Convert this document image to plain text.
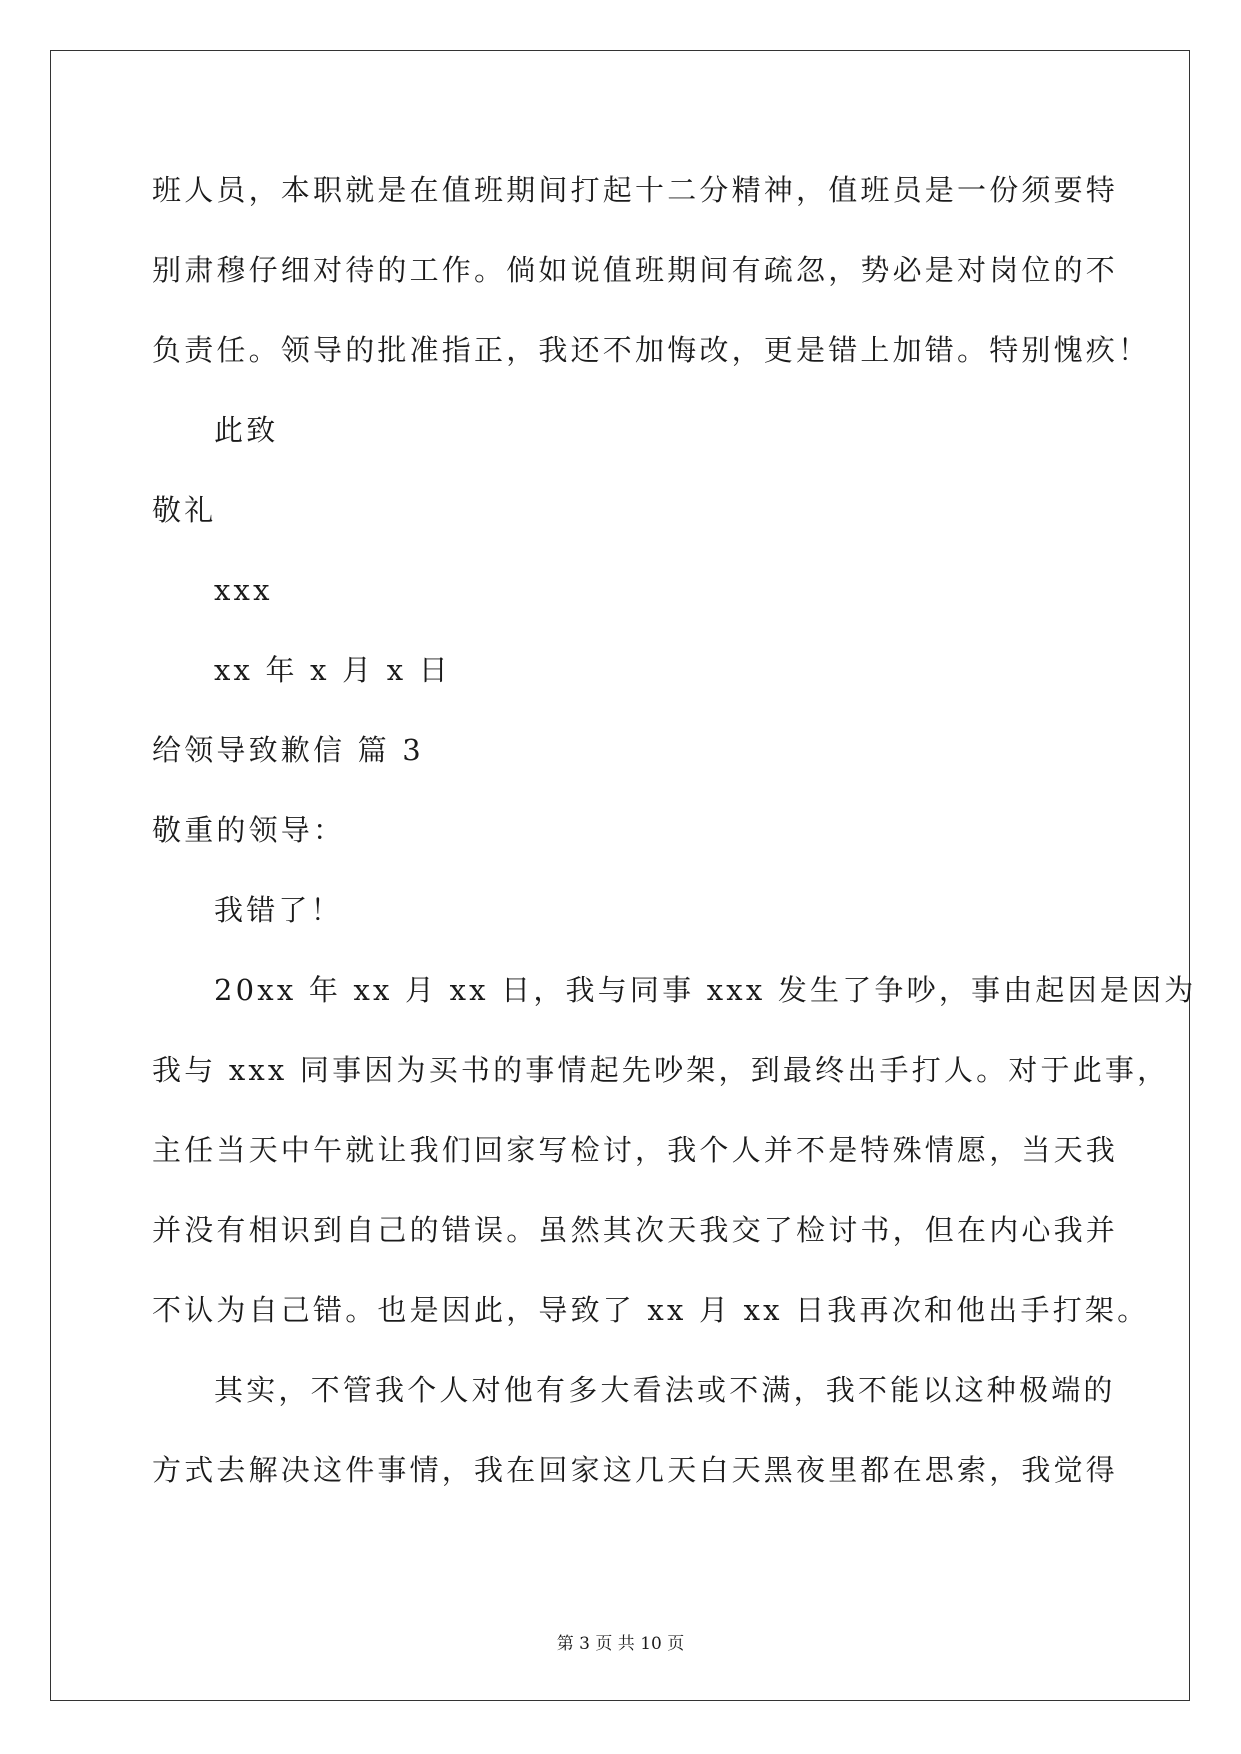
班人员，本职就是在值班期间打起十二分精神，值班员是一份须要特
别肃穆仔细对待的工作。倘如说值班期间有疏忽，势必是对岗位的不
负责任。领导的批准指正，我还不加悔改，更是错上加错。特别愧疚！
此致
敬礼
xxx
xx 年 x 月 x 日
给领导致歉信 篇 3
敬重的领导：
我错了！
20xx 年 xx 月 xx 日，我与同事 xxx 发生了争吵，事由起因是因为
我与 xxx 同事因为买书的事情起先吵架，到最终出手打人。对于此事，
主任当天中午就让我们回家写检讨，我个人并不是特殊情愿，当天我
并没有相识到自己的错误。虽然其次天我交了检讨书，但在内心我并
不认为自己错。也是因此，导致了 xx 月 xx 日我再次和他出手打架。
其实，不管我个人对他有多大看法或不满，我不能以这种极端的
方式去解决这件事情，我在回家这几天白天黑夜里都在思索，我觉得
第 3 页 共 10 页
